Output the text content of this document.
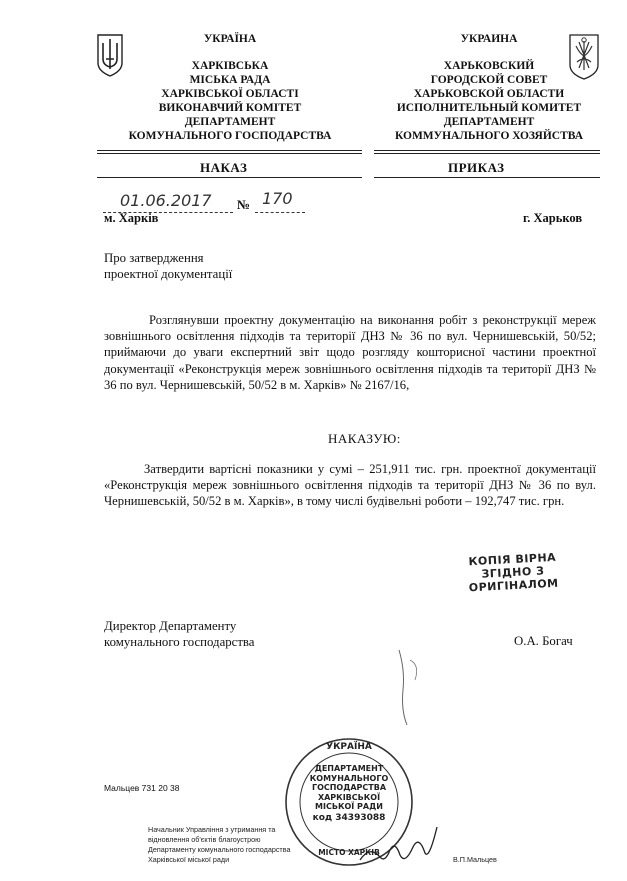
УКРАЇНА
ХАРКІВСЬКА
МІСЬКА РАДА
ХАРКІВСЬКОЇ ОБЛАСТІ
ВИКОНАВЧИЙ КОМІТЕТ
ДЕПАРТАМЕНТ
КОМУНАЛЬНОГО ГОСПОДАРСТВА
УКРАИНА
ХАРЬКОВСКИЙ
ГОРОДСКОЙ СОВЕТ
ХАРЬКОВСКОЙ ОБЛАСТИ
ИСПОЛНИТЕЛЬНЫЙ КОМИТЕТ
ДЕПАРТАМЕНТ
КОММУНАЛЬНОГО ХОЗЯЙСТВА
НАКАЗ	ПРИКАЗ
01.06.2017 № 170
м. Харків	г. Харьков
Про затвердження
проектної документації
Розглянувши проектну документацію на виконання робіт з реконструкції мереж зовнішнього освітлення підходів та території ДНЗ № 36 по вул. Чернишевській, 50/52; приймаючи до уваги експертний звіт щодо розгляду кошторисної частини проектної документації «Реконструкція мереж зовнішнього освітлення підходів та території ДНЗ № 36 по вул. Чернишевській, 50/52 в м. Харків» № 2167/16,
НАКАЗУЮ:
Затвердити вартісні показники у сумі – 251,911 тис. грн. проектної документації «Реконструкція мереж зовнішнього освітлення підходів та території ДНЗ № 36 по вул. Чернишевській, 50/52 в м. Харків», в тому числі будівельні роботи – 192,747 тис. грн.
КОПІЯ ВІРНА
ЗГІДНО З
ОРИГІНАЛОМ
Директор Департаменту
комунального господарства	О.А. Богач
УКРАЇНА
ДЕПАРТАМЕНТ
КОМУНАЛЬНОГО
ГОСПОДАРСТВА
ХАРКІВСЬКОЇ
МІСЬКОЇ РАДИ
код 34393088
МІСТО ХАРКІВ
Мальцев 731 20 38
Начальник Управління з утримання та
відновлення об'єктів благоустрою
Департаменту комунального господарства
Харківської міської ради	В.П.Мальцев
